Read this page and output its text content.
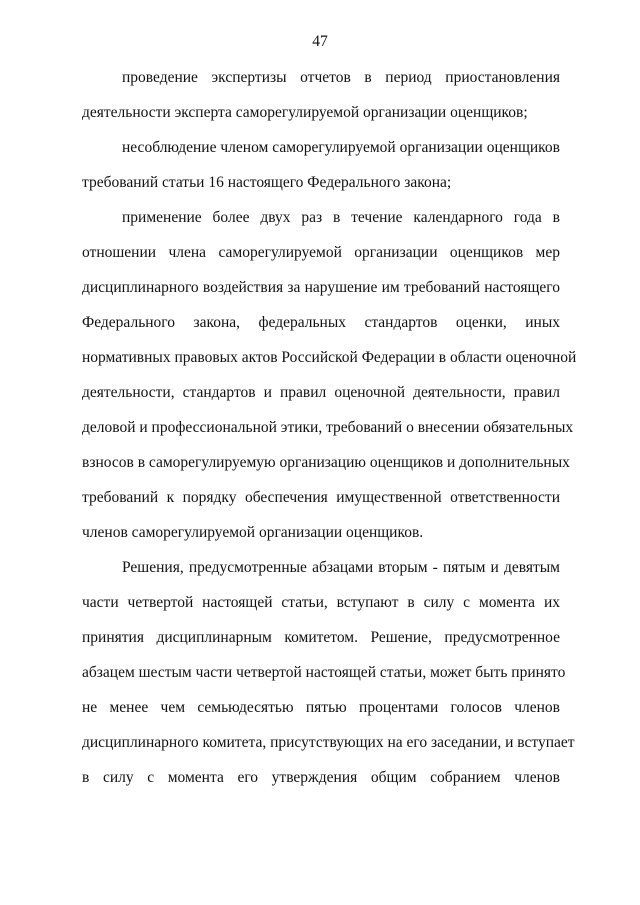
47
проведение экспертизы отчетов в период приостановления
деятельности эксперта саморегулируемой организации оценщиков;
несоблюдение членом саморегулируемой организации оценщиков
требований статьи 16 настоящего Федерального закона;
применение более двух раз в течение календарного года в
отношении члена саморегулируемой организации оценщиков мер
дисциплинарного воздействия за нарушение им требований настоящего
Федерального закона, федеральных стандартов оценки, иных
нормативных правовых актов Российской Федерации в области оценочной
деятельности, стандартов и правил оценочной деятельности, правил
деловой и профессиональной этики, требований о внесении обязательных
взносов в саморегулируемую организацию оценщиков и дополнительных
требований к порядку обеспечения имущественной ответственности
членов саморегулируемой организации оценщиков.
Решения, предусмотренные абзацами вторым - пятым и девятым
части четвертой настоящей статьи, вступают в силу с момента их
принятия дисциплинарным комитетом. Решение, предусмотренное
абзацем шестым части четвертой настоящей статьи, может быть принято
не менее чем семьюдесятью пятью процентами голосов членов
дисциплинарного комитета, присутствующих на его заседании, и вступает
в силу с момента его утверждения общим собранием членов
